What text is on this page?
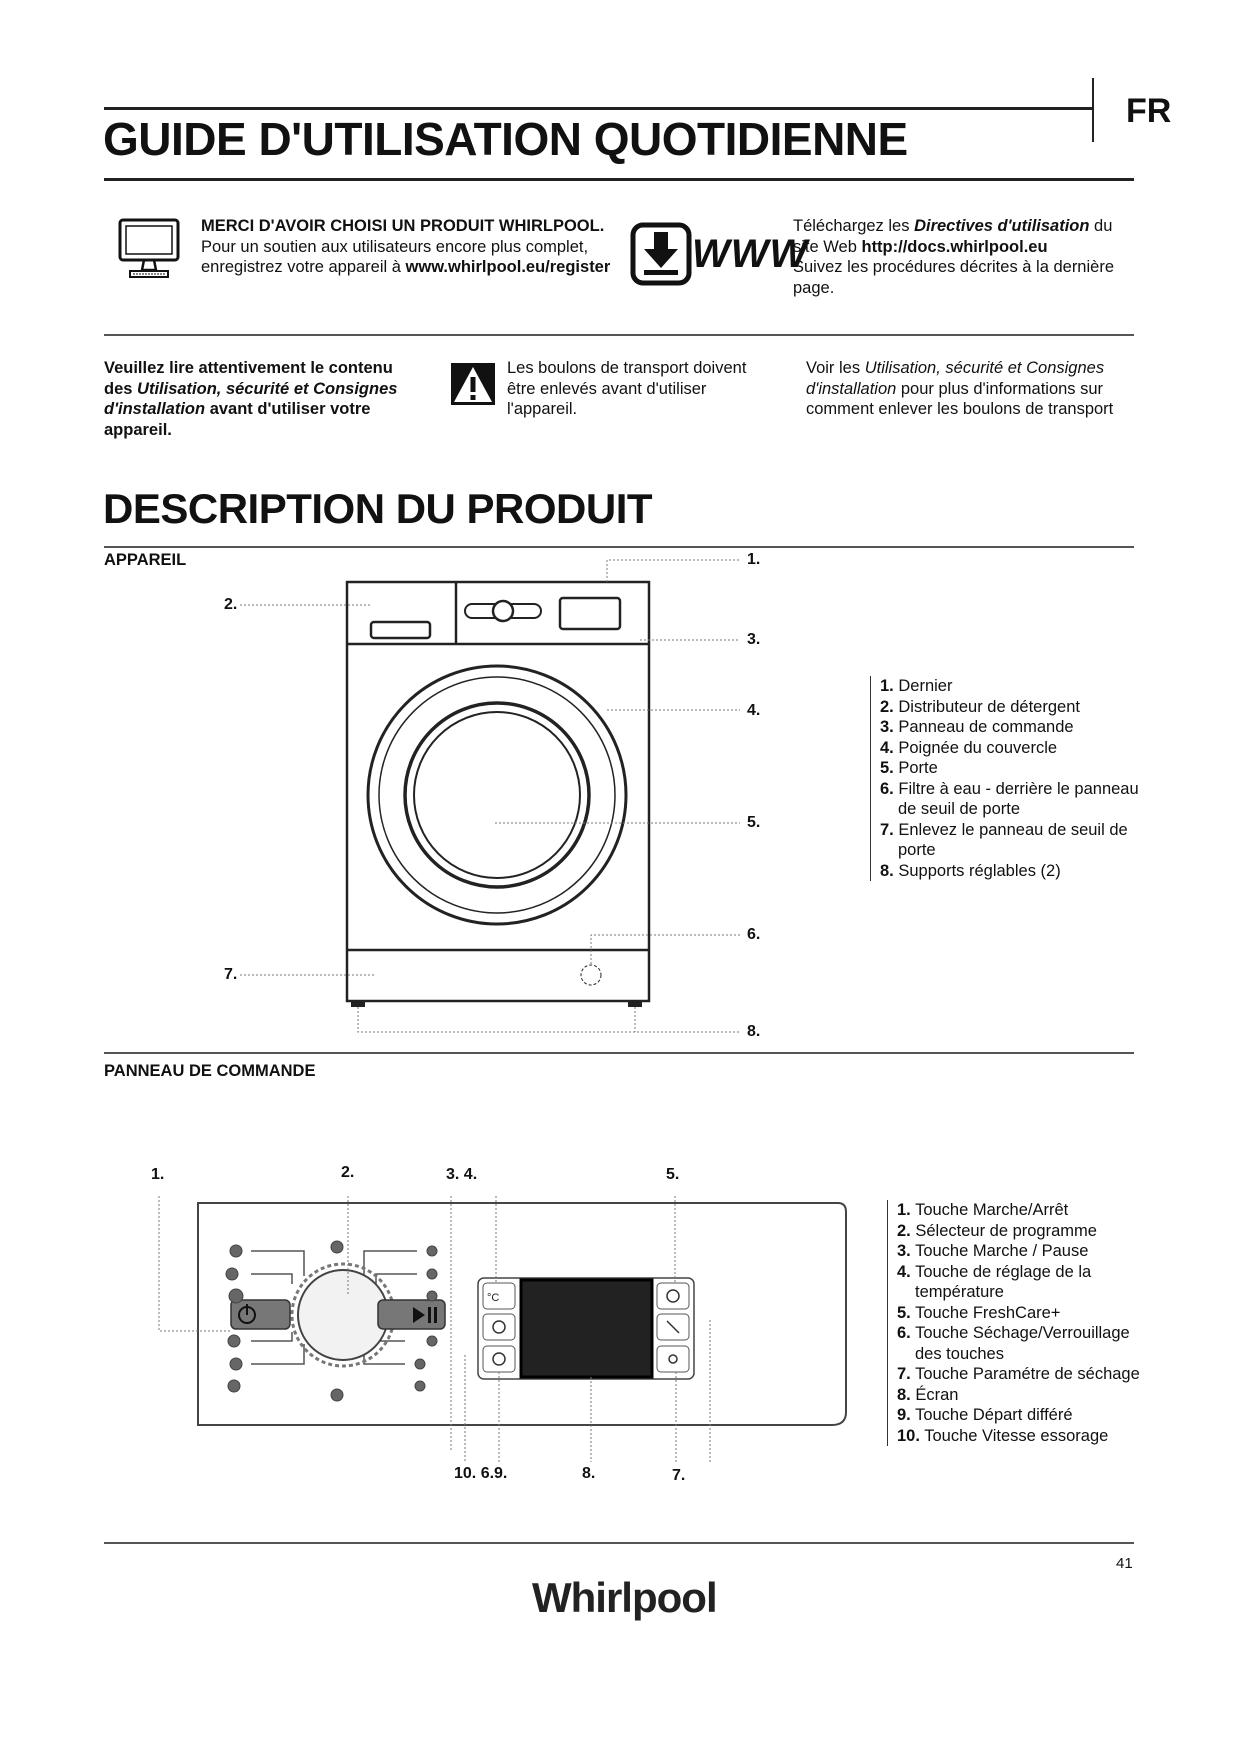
FR
GUIDE D'UTILISATION QUOTIDIENNE
MERCI D'AVOIR CHOISI UN PRODUIT WHIRLPOOL.
Pour un soutien aux utilisateurs encore plus complet,
enregistrez votre appareil à www.whirlpool.eu/register WWW
Téléchargez les Directives d'utilisation du
site Web http://docs.whirlpool.eu
Suivez les procédures décrites à la dernière
page.
Veuillez lire attentivement le contenu
des Utilisation, sécurité et Consignes
d'installation avant d'utiliser votre
appareil.
Les boulons de transport doivent
être enlevés avant d'utiliser
l'appareil.
Voir les Utilisation, sécurité et Consignes
d'installation pour plus d'informations sur
comment enlever les boulons de transport
DESCRIPTION DU PRODUIT
APPAREIL	1.
2.
3.
4.
5.
6.
7.
8.
1. Dernier
2. Distributeur de détergent
3. Panneau de commande
4. Poignée du couvercle
5. Porte
6. Filtre à eau - derrière le panneau de seuil de porte
7. Enlevez le panneau de seuil de porte
8. Supports réglables (2)
PANNEAU DE COMMANDE
°C
1.	2.	3. 4.	5.
10. 6.9.	8.	7.
1. Touche Marche/Arrêt
2. Sélecteur de programme
3. Touche Marche / Pause
4. Touche de réglage de la température
5. Touche FreshCare+
6. Touche Séchage/Verrouillage des touches
7. Touche Paramétre de séchage
8. Écran
9. Touche Départ différé
10. Touche Vitesse essorage
41
Whirlpool
